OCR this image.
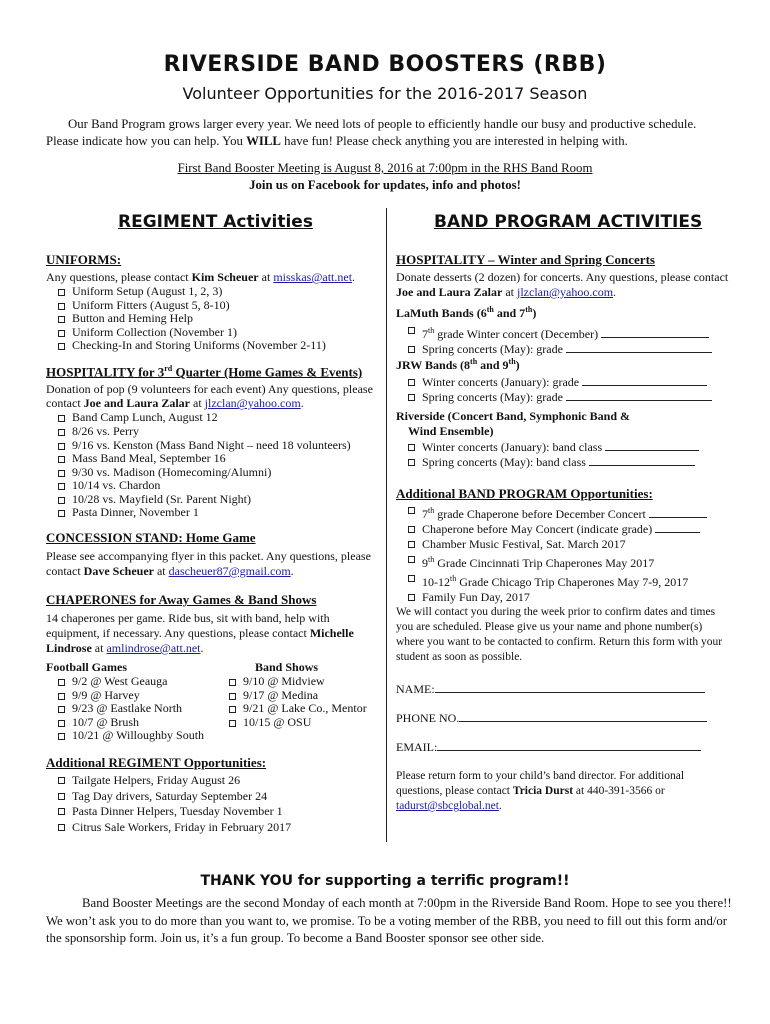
RIVERSIDE BAND BOOSTERS (RBB)
Volunteer Opportunities for the 2016-2017 Season

Our Band Program grows larger every year. We need lots of people to efficiently handle our busy and productive schedule. Please indicate how you can help. You WILL have fun! Please check anything you are interested in helping with.

First Band Booster Meeting is August 8, 2016 at 7:00pm in the RHS Band Room
Join us on Facebook for updates, info and photos!
REGIMENT Activities	BAND PROGRAM ACTIVITIES
UNIFORMS:
Any questions, please contact Kim Scheuer at misskas@att.net.
Uniform Setup (August 1, 2, 3)
Uniform Fitters (August 5, 8-10)
Button and Heming Help
Uniform Collection (November 1)
Checking-In and Storing Uniforms (November 2-11)
HOSPITALITY for 3rd Quarter (Home Games & Events)
Donation of pop (9 volunteers for each event) Any questions, please contact Joe and Laura Zalar at jlzclan@yahoo.com.
Band Camp Lunch, August 12
8/26 vs. Perry
9/16 vs. Kenston (Mass Band Night – need 18 volunteers)
Mass Band Meal, September 16
9/30 vs. Madison (Homecoming/Alumni)
10/14 vs. Chardon
10/28 vs. Mayfield (Sr. Parent Night)
Pasta Dinner, November 1
CONCESSION STAND: Home Game
Please see accompanying flyer in this packet. Any questions, please contact Dave Scheuer at dascheuer87@gmail.com.
CHAPERONES for Away Games & Band Shows
14 chaperones per game. Ride bus, sit with band, help with equipment, if necessary. Any questions, please contact Michelle Lindrose at amlindrose@att.net.
Football Games
9/2 @ West Geauga
9/9 @ Harvey
9/23 @ Eastlake North
10/7 @ Brush
10/21 @ Willoughby South
Band Shows
9/10 @ Midview
9/17 @ Medina
9/21 @ Lake Co., Mentor
10/15 @ OSU
Additional REGIMENT Opportunities:
Tailgate Helpers, Friday August 26
Tag Day drivers, Saturday September 24
Pasta Dinner Helpers, Tuesday November 1
Citrus Sale Workers, Friday in February 2017
HOSPITALITY – Winter and Spring Concerts
Donate desserts (2 dozen) for concerts. Any questions, please contact Joe and Laura Zalar at jlzclan@yahoo.com.
LaMuth Bands (6th and 7th)
7th grade Winter concert (December)
Spring concerts (May): grade
JRW Bands (8th and 9th)
Winter concerts (January): grade
Spring concerts (May): grade
Riverside (Concert Band, Symphonic Band &
Wind Ensemble)
Winter concerts (January): band class
Spring concerts (May): band class
Additional BAND PROGRAM Opportunities:
7th grade Chaperone before December Concert
Chaperone before May Concert (indicate grade)
Chamber Music Festival, Sat. March 2017
9th Grade Cincinnati Trip Chaperones May 2017
10-12th Grade Chicago Trip Chaperones May 7-9, 2017
Family Fun Day, 2017

We will contact you during the week prior to confirm dates and times you are scheduled. Please give us your name and phone number(s) where you want to be contacted to confirm. Return this form with your student as soon as possible.

NAME:
PHONE NO.
EMAIL:

Please return form to your child’s band director. For additional questions, please contact Tricia Durst at 440-391-3566 or tadurst@sbcglobal.net.

THANK YOU for supporting a terrific program!!

Band Booster Meetings are the second Monday of each month at 7:00pm in the Riverside Band Room. Hope to see you there!! We won’t ask you to do more than you want to, we promise. To be a voting member of the RBB, you need to fill out this form and/or the sponsorship form. Join us, it’s a fun group. To become a Band Booster sponsor see other side.
